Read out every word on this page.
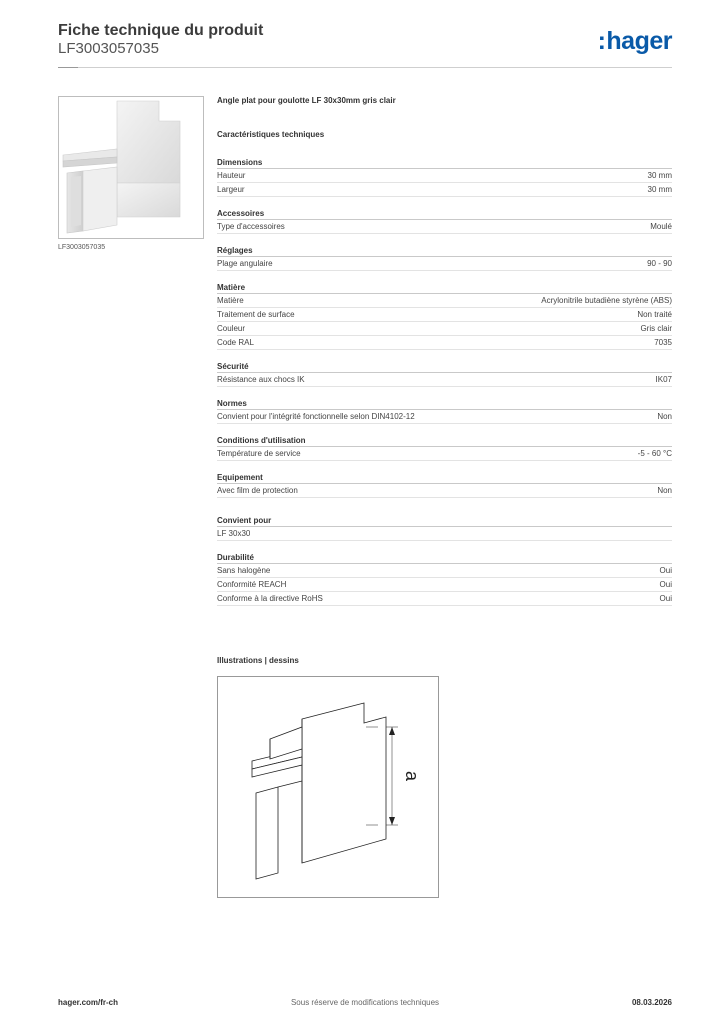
Fiche technique du produit
LF3003057035	:hager
LF3003057035
Angle plat pour goulotte LF 30x30mm gris clair
Caractéristiques techniques
Dimensions
Hauteur	30 mm
Largeur	30 mm
Accessoires
Type d'accessoires	Moulé
Réglages
Plage angulaire	90 - 90
Matière
Matière	Acrylonitrile butadiène styrène (ABS)
Traitement de surface	Non traité
Couleur	Gris clair
Code RAL	7035
Sécurité
Résistance aux chocs IK	IK07
Normes
Convient pour l'intégrité fonctionnelle selon DIN4102-12	Non
Conditions d'utilisation
Température de service	-5 - 60 °C
Equipement
Avec film de protection	Non
Convient pour
LF 30x30
Durabilité
Sans halogène	Oui
Conformité REACH	Oui
Conforme à la directive RoHS	Oui
Illustrations | dessins
a
hager.com/fr-ch	Sous réserve de modifications techniques	08.03.2026
